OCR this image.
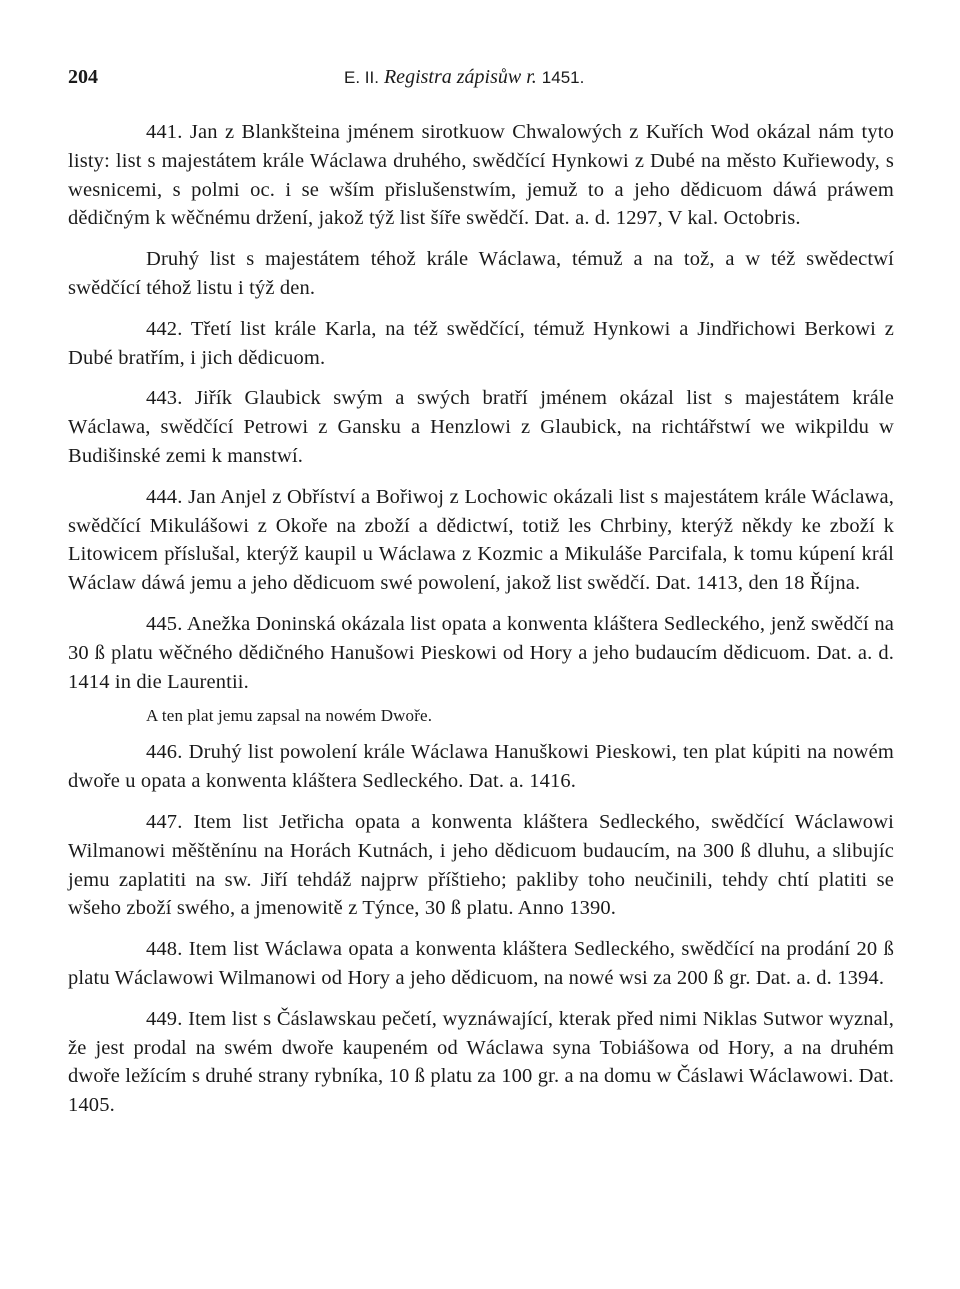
204	E. II. Registra zápisůw r. 1451.

441. Jan z Blankšteina jménem sirotkuow Chwalowých z Kuřích Wod okázal nám tyto listy: list s majestátem krále Wáclawa druhého, swědčící Hynkowi z Dubé na město Kuřiewody, s wesnicemi, s polmi oc. i se wším přislušenstwím, jemuž to a jeho dědicuom dáwá práwem dědičným k wěčnému držení, jakož týž list šíře swědčí. Dat. a. d. 1297, V kal. Octobris.

Druhý list s majestátem téhož krále Wáclawa, témuž a na tož, a w též swědectwí swědčící téhož listu i týž den.

442. Třetí list krále Karla, na též swědčící, témuž Hynkowi a Jindřichowi Berkowi z Dubé bratřím, i jich dědicuom.

443. Jiřík Glaubick swým a swých bratří jménem okázal list s majestátem krále Wáclawa, swědčící Petrowi z Gansku a Henzlowi z Glaubick, na richtářstwí we wikpildu w Budišinské zemi k manstwí.

444. Jan Anjel z Obříství a Bořiwoj z Lochowic okázali list s majestátem krále Wáclawa, swědčící Mikulášowi z Okoře na zboží a dědictwí, totiž les Chrbiny, kterýž někdy ke zboží k Litowicem příslušal, kterýž kaupil u Wáclawa z Kozmic a Mikuláše Parcifala, k tomu kúpení král Wáclaw dáwá jemu a jeho dědicuom swé powolení, jakož list swědčí. Dat. 1413, den 18 Října.

445. Anežka Doninská okázala list opata a konwenta kláštera Sedleckého, jenž swědčí na 30 ß platu wěčného dědičného Hanušowi Pieskowi od Hory a jeho budaucím dědicuom. Dat. a. d. 1414 in die Laurentii.

A ten plat jemu zapsal na nowém Dwoře.

446. Druhý list powolení krále Wáclawa Hanuškowi Pieskowi, ten plat kúpiti na nowém dwoře u opata a konwenta kláštera Sedleckého. Dat. a. 1416.

447. Item list Jetřicha opata a konwenta kláštera Sedleckého, swědčící Wáclawowi Wilmanowi měštěnínu na Horách Kutnách, i jeho dědicuom budaucím, na 300 ß dluhu, a slibujíc jemu zaplatiti na sw. Jiří tehdáž najprw příštieho; pakliby toho neučinili, tehdy chtí platiti se wšeho zboží swého, a jmenowitě z Týnce, 30 ß platu. Anno 1390.

448. Item list Wáclawa opata a konwenta kláštera Sedleckého, swědčící na prodání 20 ß platu Wáclawowi Wilmanowi od Hory a jeho dědicuom, na nowé wsi za 200 ß gr. Dat. a. d. 1394.

449. Item list s Čáslawskau pečetí, wyznáwající, kterak před nimi Niklas Sutwor wyznal, že jest prodal na swém dwoře kaupeném od Wáclawa syna Tobiášowa od Hory, a na druhém dwoře ležícím s druhé strany rybníka, 10 ß platu za 100 gr. a na domu w Čáslawi Wáclawowi. Dat. 1405.
